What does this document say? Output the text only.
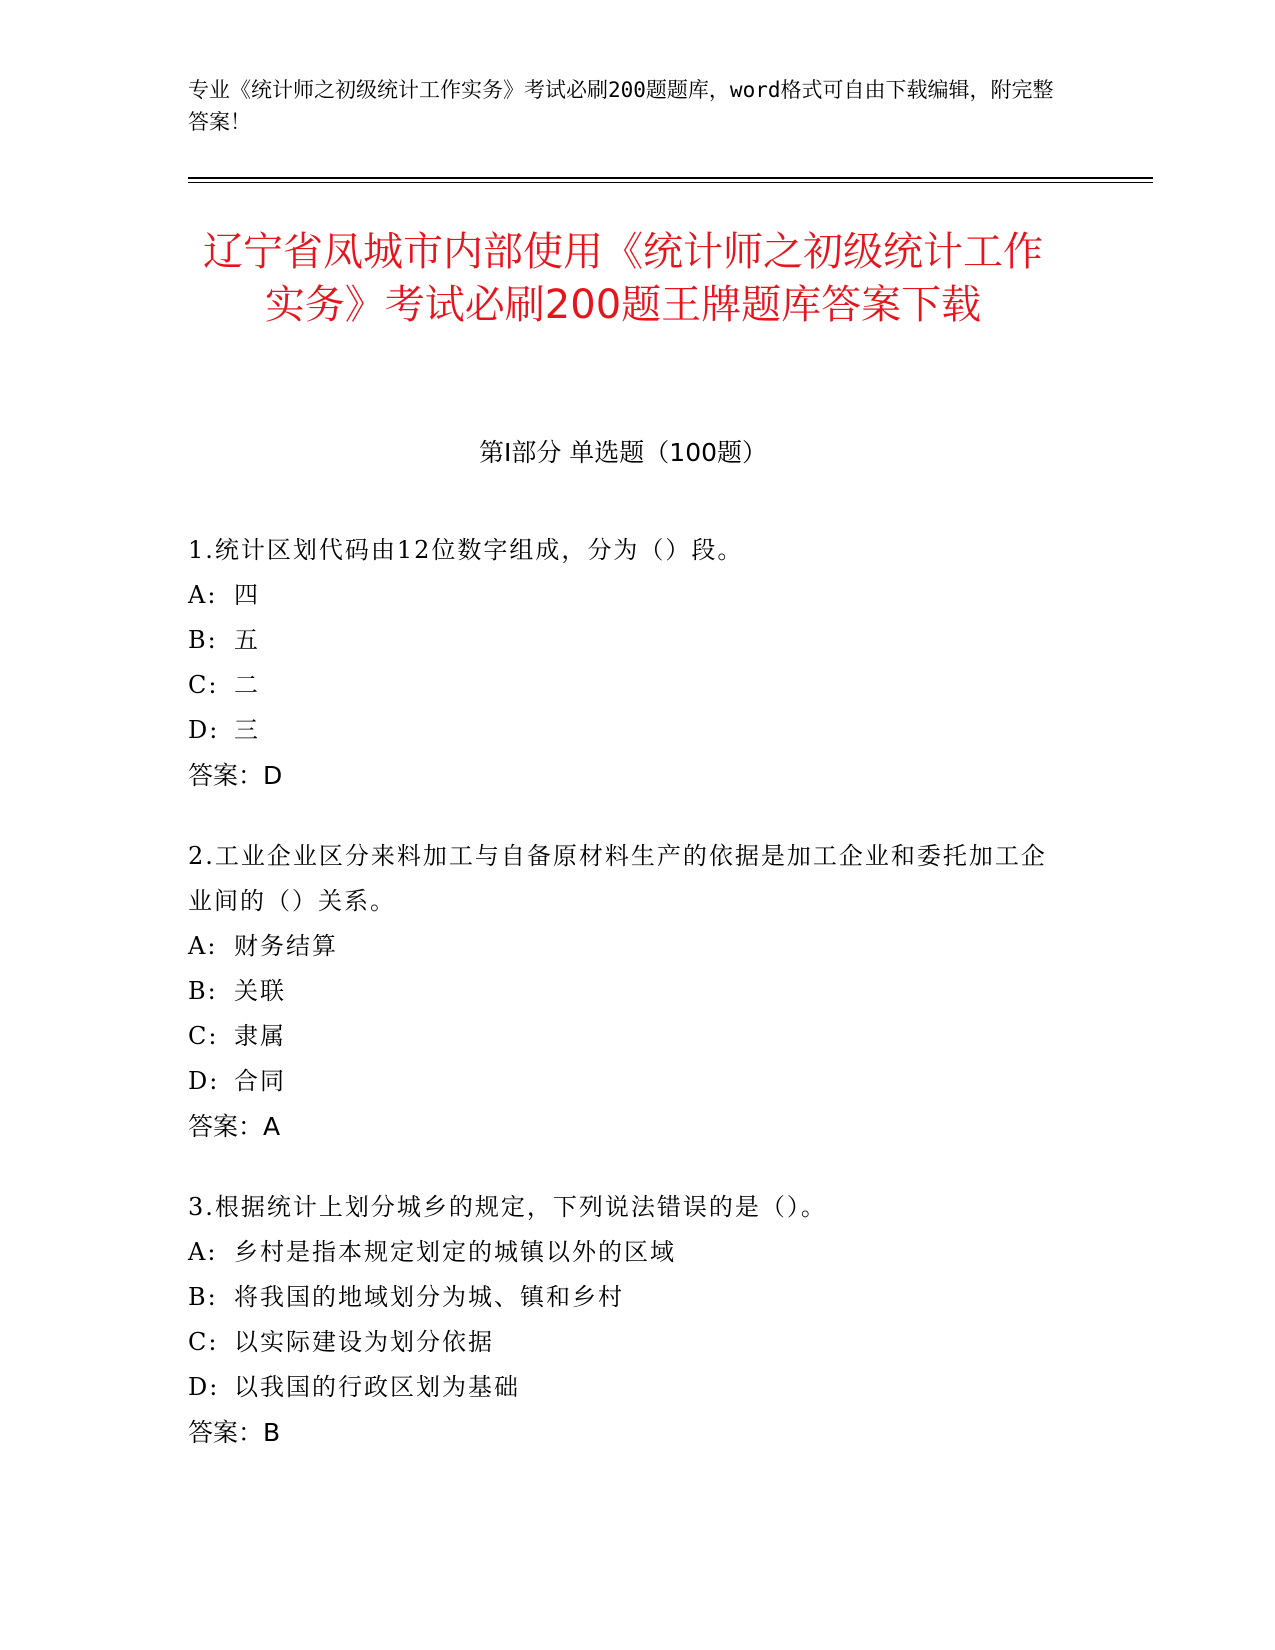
专业《统计师之初级统计工作实务》考试必刷200题题库，word格式可自由下载编辑，附完整答案！
辽宁省凤城市内部使用《统计师之初级统计工作实务》考试必刷200题王牌题库答案下载
第Ⅰ部分 单选题（100题）
1.统计区划代码由12位数字组成，分为（）段。
A: 四
B: 五
C: 二
D: 三
答案：D
2.工业企业区分来料加工与自备原材料生产的依据是加工企业和委托加工企业间的（）关系。
A: 财务结算
B: 关联
C: 隶属
D: 合同
答案：A
3.根据统计上划分城乡的规定，下列说法错误的是（）。
A: 乡村是指本规定划定的城镇以外的区域
B: 将我国的地域划分为城、镇和乡村
C: 以实际建设为划分依据
D: 以我国的行政区划为基础
答案：B
